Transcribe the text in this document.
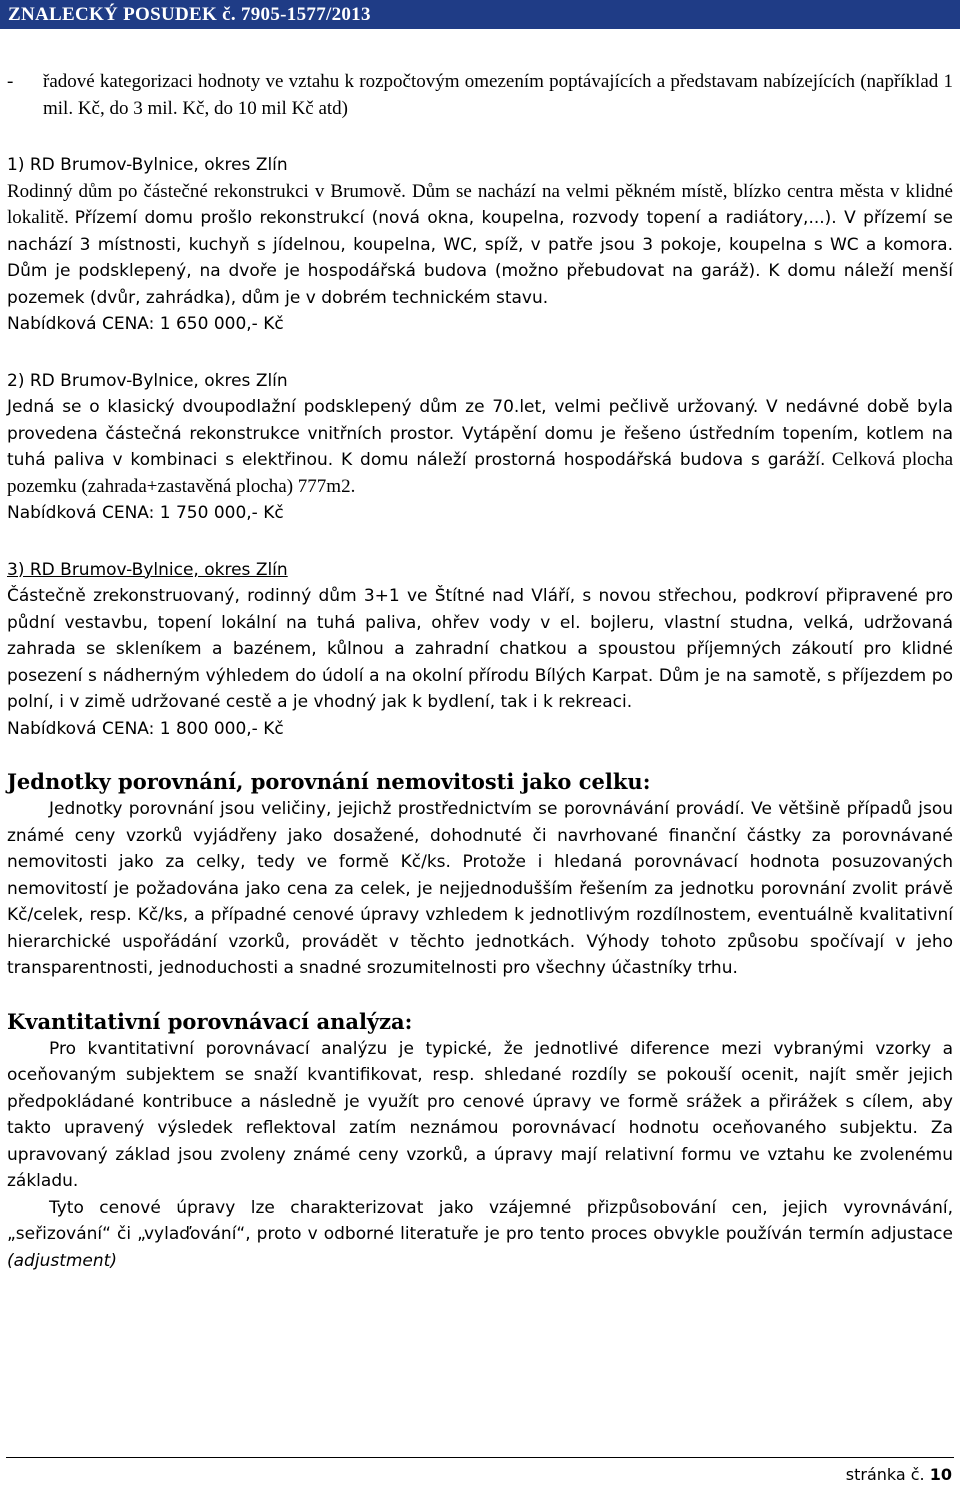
ZNALECKÝ POSUDEK č. 7905-1577/2013
-	řadové kategorizaci hodnoty ve vztahu k rozpočtovým omezením poptávajících a představam nabízejících (například 1 mil. Kč, do 3 mil. Kč, do 10 mil Kč atd)
1) RD Brumov-Bylnice, okres Zlín

Rodinný dům po částečné rekonstrukci v Brumově. Dům se nachází na velmi pěkném místě, blízko centra města v klidné lokalitě. Přízemí domu prošlo rekonstrukcí (nová okna, koupelna, rozvody topení a radiátory,...). V přízemí se nachází 3 místnosti, kuchyň s jídelnou, koupelna, WC, spíž, v patře jsou 3 pokoje, koupelna s WC a komora. Dům je podsklepený, na dvoře je hospodářská budova (možno přebudovat na garáž). K domu náleží menší pozemek (dvůr, zahrádka), dům je v dobrém technickém stavu.

Nabídková CENA: 1 650 000,- Kč
2) RD Brumov-Bylnice, okres Zlín

Jedná se o klasický dvoupodlažní podsklepený dům ze 70.let, velmi pečlivě uržovaný. V nedávné době byla provedena částečná rekonstrukce vnitřních prostor. Vytápění domu je řešeno ústředním topením, kotlem na tuhá paliva v kombinaci s elektřinou. K domu náleží prostorná hospodářská budova s garáží. Celková plocha pozemku (zahrada+zastavěná plocha) 777m2.

Nabídková CENA: 1 750 000,- Kč
3) RD Brumov-Bylnice, okres Zlín

Částečně zrekonstruovaný, rodinný dům 3+1 ve Štítné nad Vláří, s novou střechou, podkroví připravené pro půdní vestavbu, topení lokální na tuhá paliva, ohřev vody v el. bojleru, vlastní studna, velká, udržovaná zahrada se skleníkem a bazénem, kůlnou a zahradní chatkou a spoustou příjemných zákoutí pro klidné posezení s nádherným výhledem do údolí a na okolní přírodu Bílých Karpat. Dům je na samotě, s příjezdem po polní, i v zimě udržované cestě a je vhodný jak k bydlení, tak i k rekreaci.

Nabídková CENA: 1 800 000,- Kč
Jednotky porovnání, porovnání nemovitosti jako celku:

Jednotky porovnání jsou veličiny, jejichž prostřednictvím se porovnávání provádí. Ve většině případů jsou známé ceny vzorků vyjádřeny jako dosažené, dohodnuté či navrhované finanční částky za porovnávané nemovitosti jako za celky, tedy ve formě Kč/ks. Protože i hledaná porovnávací hodnota posuzovaných nemovitostí je požadována jako cena za celek, je nejjednodušším řešením za jednotku porovnání zvolit právě Kč/celek, resp. Kč/ks, a případné cenové úpravy vzhledem k jednotlivým rozdílnostem, eventuálně kvalitativní hierarchické uspořádání vzorků, provádět v těchto jednotkách. Výhody tohoto způsobu spočívají v jeho transparentnosti, jednoduchosti a snadné srozumitelnosti pro všechny účastníky trhu.

Kvantitativní porovnávací analýza:

Pro kvantitativní porovnávací analýzu je typické, že jednotlivé diference mezi vybranými vzorky a oceňovaným subjektem se snaží kvantifikovat, resp. shledané rozdíly se pokouší ocenit, najít směr jejich předpokládané kontribuce a následně je využít pro cenové úpravy ve formě srážek a přirážek s cílem, aby takto upravený výsledek reflektoval zatím neznámou porovnávací hodnotu oceňovaného subjektu. Za upravovaný základ jsou zvoleny známé ceny vzorků, a úpravy mají relativní formu ve vztahu ke zvolenému základu.

Tyto cenové úpravy lze charakterizovat jako vzájemné přizpůsobování cen, jejich vyrovnávání, „seřizování“ či „vylaďování“, proto v odborné literatuře je pro tento proces obvykle používán termín adjustace (adjustment)

stránka č. 10
